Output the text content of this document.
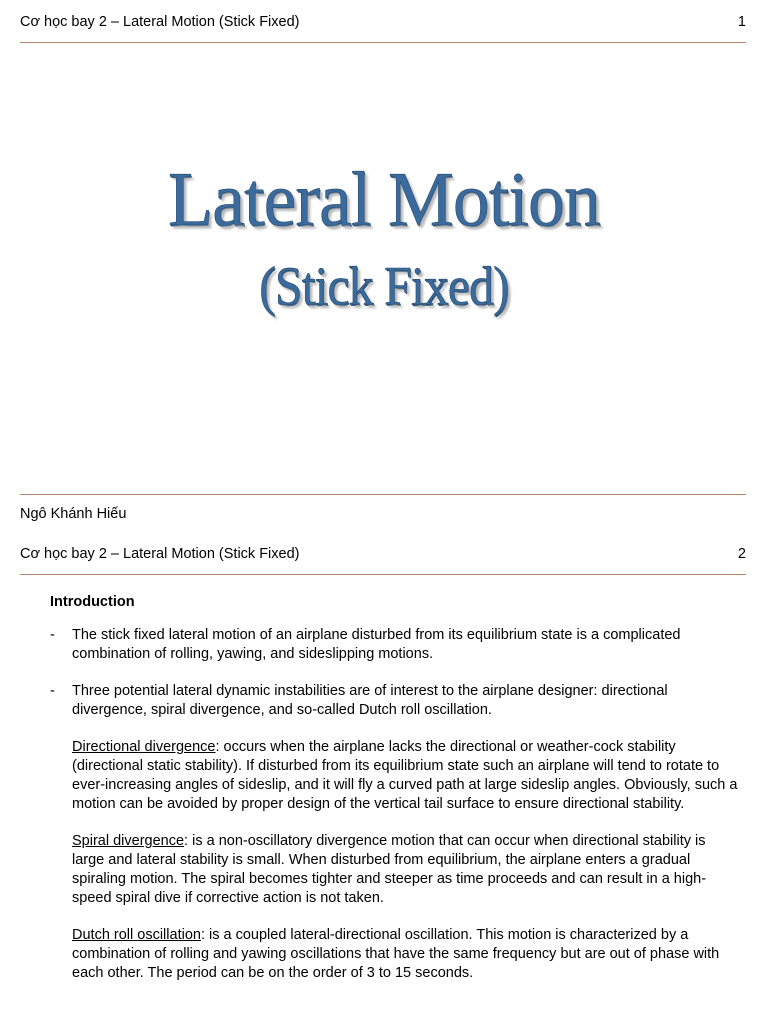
Cơ học bay 2 – Lateral Motion (Stick Fixed)	1
Lateral Motion
(Stick Fixed)
Ngô Khánh Hiếu
Cơ học bay 2 – Lateral Motion (Stick Fixed)	2
Introduction
- The stick fixed lateral motion of an airplane disturbed from its equilibrium state is a complicated combination of rolling, yawing, and sideslipping motions.
- Three potential lateral dynamic instabilities are of interest to the airplane designer: directional divergence, spiral divergence, and so-called Dutch roll oscillation.
Directional divergence: occurs when the airplane lacks the directional or weather-cock stability (directional static stability). If disturbed from its equilibrium state such an airplane will tend to rotate to ever-increasing angles of sideslip, and it will fly a curved path at large sideslip angles. Obviously, such a motion can be avoided by proper design of the vertical tail surface to ensure directional stability.
Spiral divergence: is a non-oscillatory divergence motion that can occur when directional stability is large and lateral stability is small. When disturbed from equilibrium, the airplane enters a gradual spiraling motion. The spiral becomes tighter and steeper as time proceeds and can result in a high-speed spiral dive if corrective action is not taken.
Dutch roll oscillation: is a coupled lateral-directional oscillation. This motion is characterized by a combination of rolling and yawing oscillations that have the same frequency but are out of phase with each other. The period can be on the order of 3 to 15 seconds.
